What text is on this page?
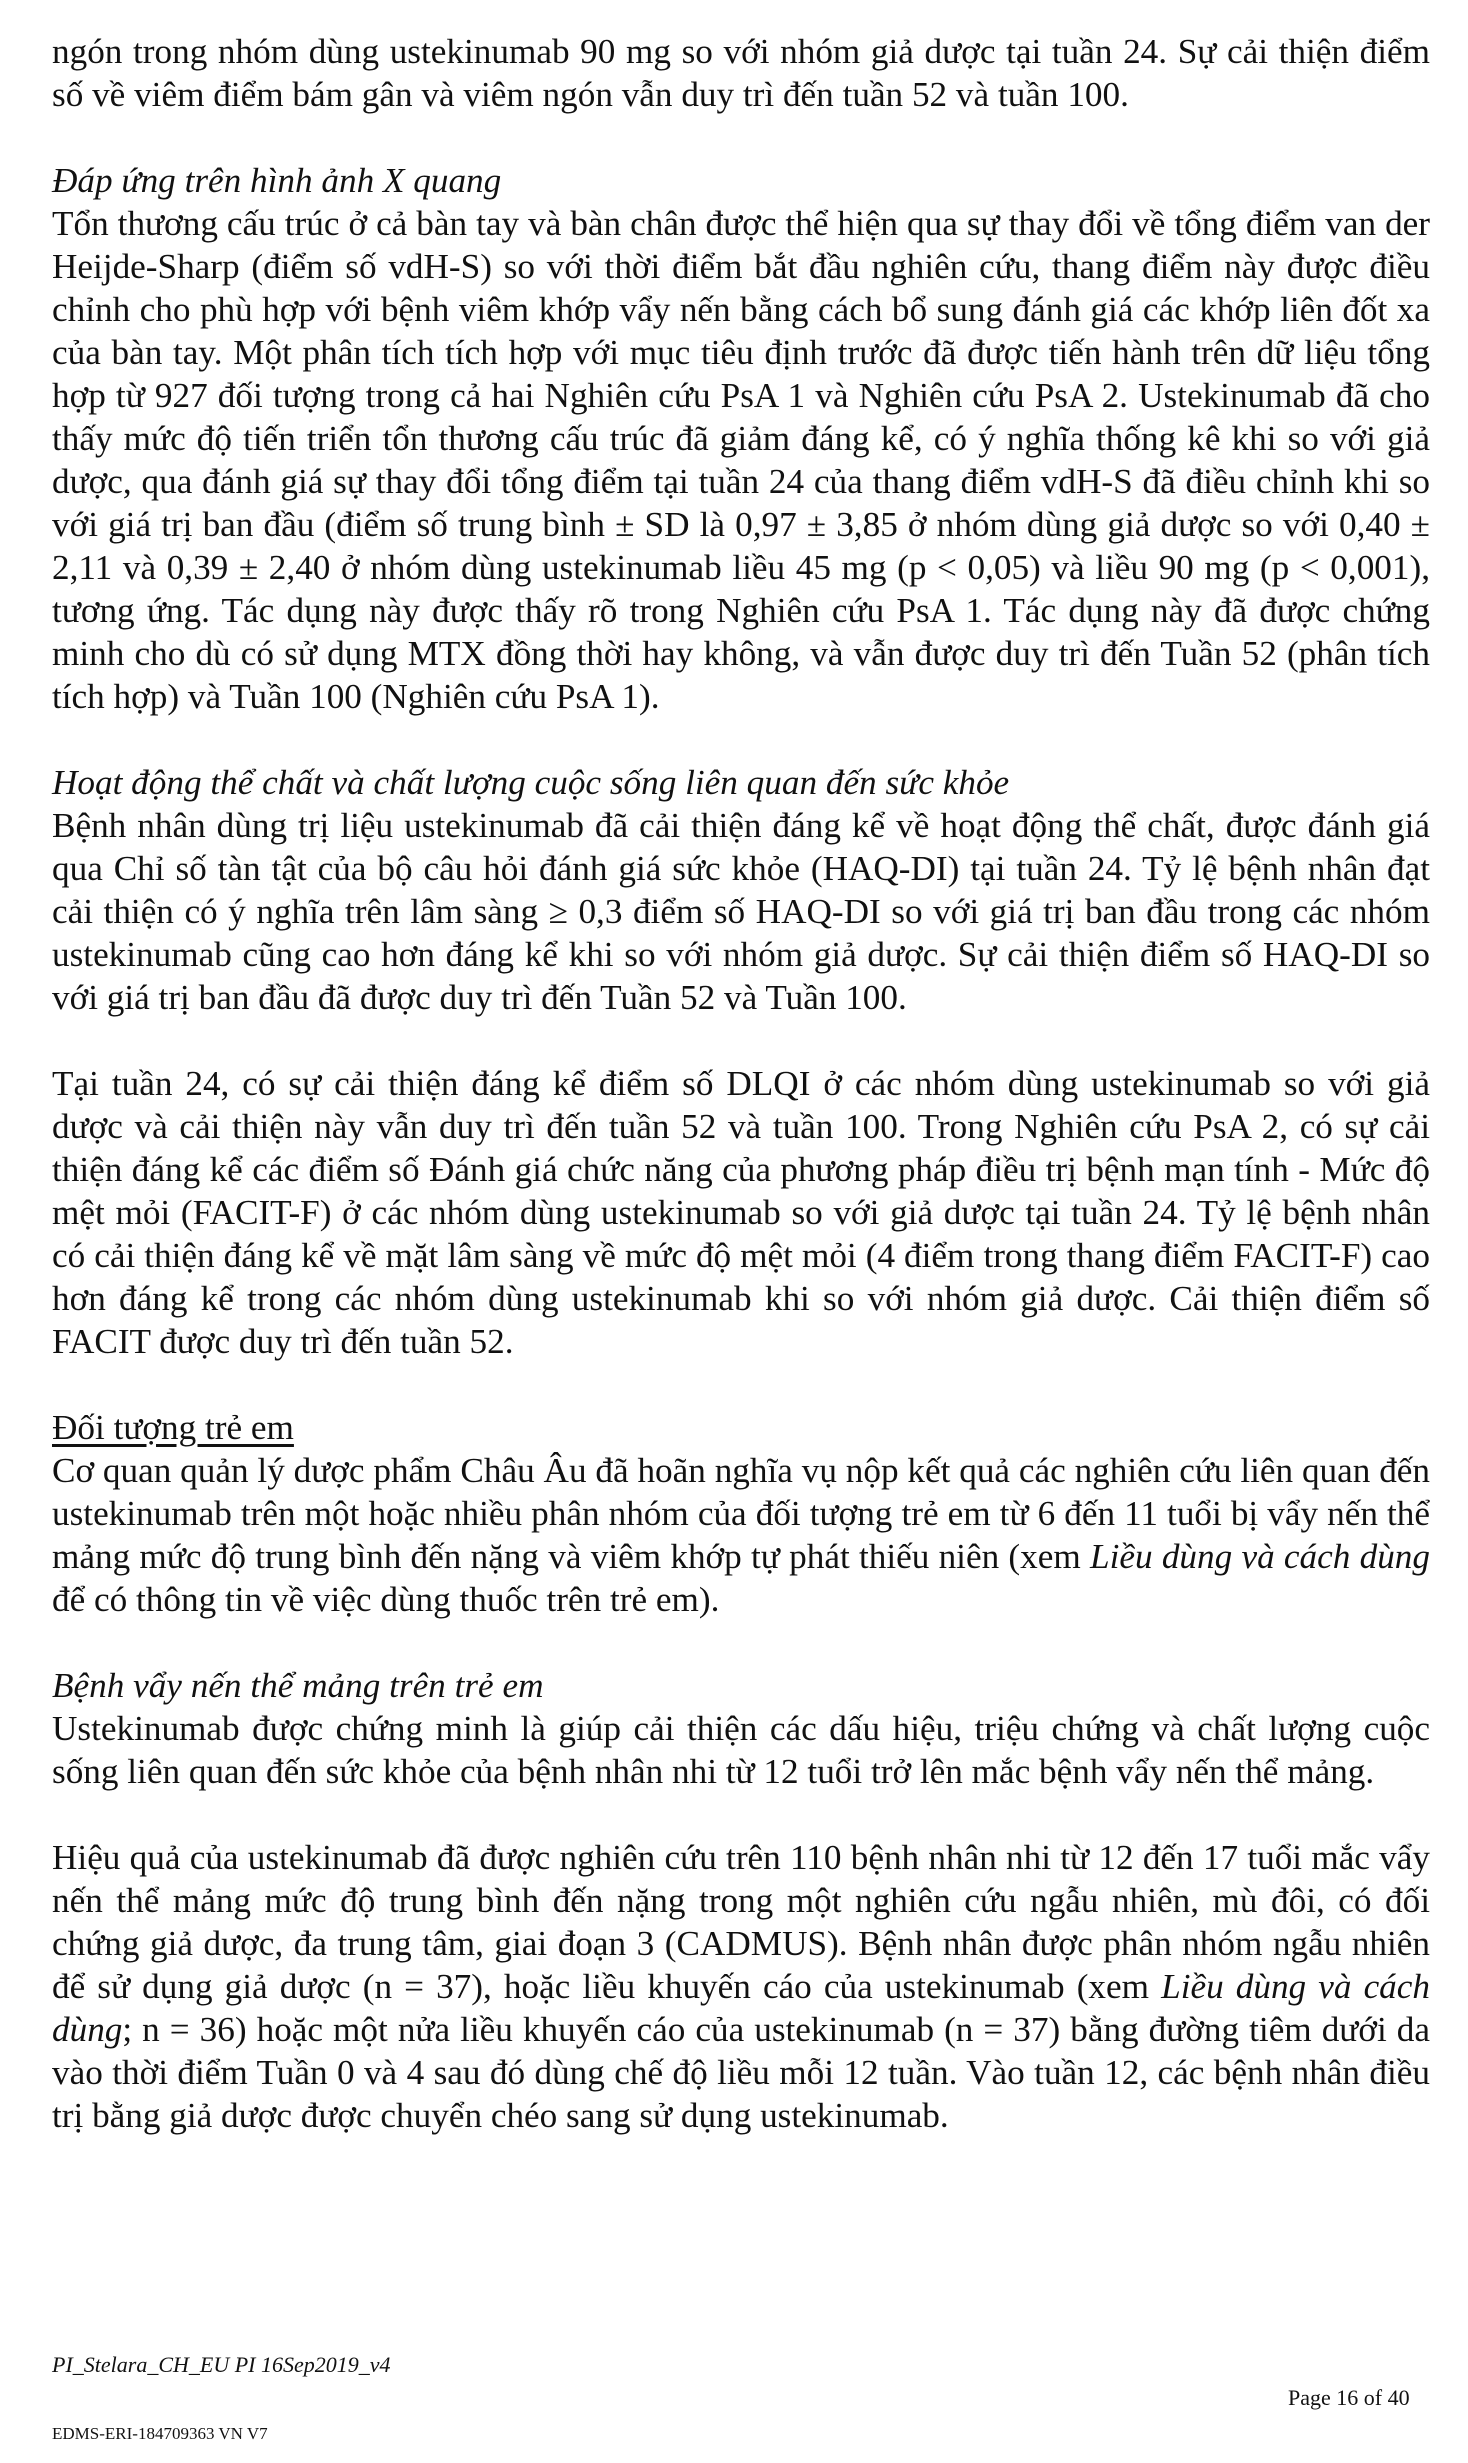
ngón trong nhóm dùng ustekinumab 90 mg so với nhóm giả dược tại tuần 24. Sự cải thiện điểm số về viêm điểm bám gân và viêm ngón vẫn duy trì đến tuần 52 và tuần 100.

Đáp ứng trên hình ảnh X quang

Tổn thương cấu trúc ở cả bàn tay và bàn chân được thể hiện qua sự thay đổi về tổng điểm van der Heijde-Sharp (điểm số vdH-S) so với thời điểm bắt đầu nghiên cứu, thang điểm này được điều chỉnh cho phù hợp với bệnh viêm khớp vẩy nến bằng cách bổ sung đánh giá các khớp liên đốt xa của bàn tay. Một phân tích tích hợp với mục tiêu định trước đã được tiến hành trên dữ liệu tổng hợp từ 927 đối tượng trong cả hai Nghiên cứu PsA 1 và Nghiên cứu PsA 2. Ustekinumab đã cho thấy mức độ tiến triển tổn thương cấu trúc đã giảm đáng kể, có ý nghĩa thống kê khi so với giả dược, qua đánh giá sự thay đổi tổng điểm tại tuần 24 của thang điểm vdH-S đã điều chỉnh khi so với giá trị ban đầu (điểm số trung bình ± SD là 0,97 ± 3,85 ở nhóm dùng giả dược so với 0,40 ± 2,11 và 0,39 ± 2,40 ở nhóm dùng ustekinumab liều 45 mg (p < 0,05) và liều 90 mg (p < 0,001), tương ứng. Tác dụng này được thấy rõ trong Nghiên cứu PsA 1. Tác dụng này đã được chứng minh cho dù có sử dụng MTX đồng thời hay không, và vẫn được duy trì đến Tuần 52 (phân tích tích hợp) và Tuần 100 (Nghiên cứu PsA 1).

Hoạt động thể chất và chất lượng cuộc sống liên quan đến sức khỏe

Bệnh nhân dùng trị liệu ustekinumab đã cải thiện đáng kể về hoạt động thể chất, được đánh giá qua Chỉ số tàn tật của bộ câu hỏi đánh giá sức khỏe (HAQ-DI) tại tuần 24. Tỷ lệ bệnh nhân đạt cải thiện có ý nghĩa trên lâm sàng ≥ 0,3 điểm số HAQ-DI so với giá trị ban đầu trong các nhóm ustekinumab cũng cao hơn đáng kể khi so với nhóm giả dược. Sự cải thiện điểm số HAQ-DI so với giá trị ban đầu đã được duy trì đến Tuần 52 và Tuần 100.

Tại tuần 24, có sự cải thiện đáng kể điểm số DLQI ở các nhóm dùng ustekinumab so với giả dược và cải thiện này vẫn duy trì đến tuần 52 và tuần 100. Trong Nghiên cứu PsA 2, có sự cải thiện đáng kể các điểm số Đánh giá chức năng của phương pháp điều trị bệnh mạn tính - Mức độ mệt mỏi (FACIT-F) ở các nhóm dùng ustekinumab so với giả dược tại tuần 24. Tỷ lệ bệnh nhân có cải thiện đáng kể về mặt lâm sàng về mức độ mệt mỏi (4 điểm trong thang điểm FACIT-F) cao hơn đáng kể trong các nhóm dùng ustekinumab khi so với nhóm giả dược. Cải thiện điểm số FACIT được duy trì đến tuần 52.

Đối tượng trẻ em

Cơ quan quản lý dược phẩm Châu Âu đã hoãn nghĩa vụ nộp kết quả các nghiên cứu liên quan đến ustekinumab trên một hoặc nhiều phân nhóm của đối tượng trẻ em từ 6 đến 11 tuổi bị vẩy nến thể mảng mức độ trung bình đến nặng và viêm khớp tự phát thiếu niên (xem Liều dùng và cách dùng để có thông tin về việc dùng thuốc trên trẻ em).

Bệnh vẩy nến thể mảng trên trẻ em

Ustekinumab được chứng minh là giúp cải thiện các dấu hiệu, triệu chứng và chất lượng cuộc sống liên quan đến sức khỏe của bệnh nhân nhi từ 12 tuổi trở lên mắc bệnh vẩy nến thể mảng.

Hiệu quả của ustekinumab đã được nghiên cứu trên 110 bệnh nhân nhi từ 12 đến 17 tuổi mắc vẩy nến thể mảng mức độ trung bình đến nặng trong một nghiên cứu ngẫu nhiên, mù đôi, có đối chứng giả dược, đa trung tâm, giai đoạn 3 (CADMUS). Bệnh nhân được phân nhóm ngẫu nhiên để sử dụng giả dược (n = 37), hoặc liều khuyến cáo của ustekinumab (xem Liều dùng và cách dùng; n = 36) hoặc một nửa liều khuyến cáo của ustekinumab (n = 37) bằng đường tiêm dưới da vào thời điểm Tuần 0 và 4 sau đó dùng chế độ liều mỗi 12 tuần. Vào tuần 12, các bệnh nhân điều trị bằng giả dược được chuyển chéo sang sử dụng ustekinumab.

PI_Stelara_CH_EU PI 16Sep2019_v4
EDMS-ERI-184709363 VN V7
Page 16 of 40
